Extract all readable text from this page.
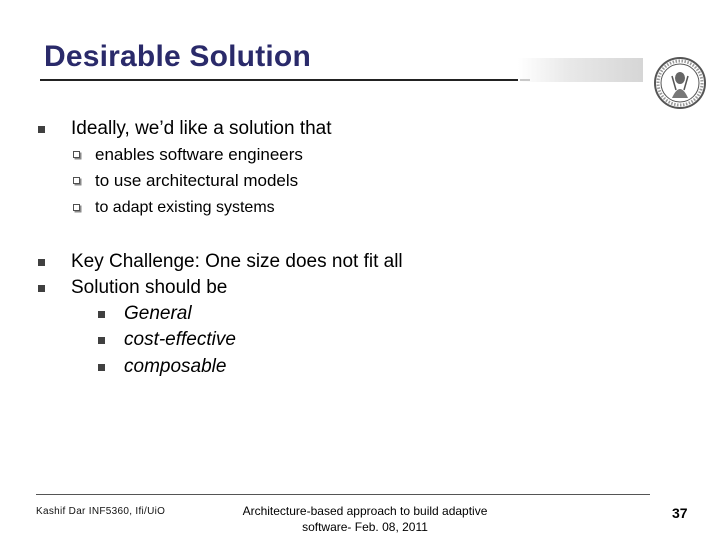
Desirable Solution
Ideally, we’d like a solution that
enables software engineers
to use architectural models
to adapt existing systems
Key Challenge: One size does not fit all
Solution should be
General
cost-effective
composable
Kashif Dar INF5360, Ifi/UiO	Architecture-based approach to build adaptive
software- Feb. 08, 2011
37
